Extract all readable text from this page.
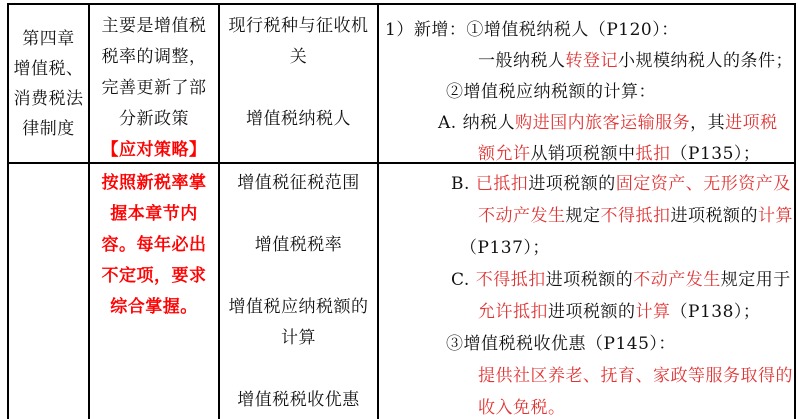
第四章
增值税、
消费税法
律制度
主要是增值税
税率的调整，
完善更新了部
分新政策
【应对策略】
现行税种与征收机
关
增值税纳税人
1）新增：①增值税纳税人（P120）：
一般纳税人转登记小规模纳税人的条件；
②增值税应纳税额的计算：
A. 纳税人购进国内旅客运输服务，其进项税
额允许从销项税额中抵扣（P135）；
按照新税率掌
握本章节内
容。每年必出
不定项，要求
综合掌握。
增值税征税范围
增值税税率
增值税应纳税额的
计算
增值税税收优惠
B. 已抵扣进项税额的固定资产、无形资产及
不动产发生规定不得抵扣进项税额的计算
（P137）；
C. 不得抵扣进项税额的不动产发生规定用于
允许抵扣进项税额的计算（P138）；
③增值税税收优惠（P145）：
提供社区养老、抚育、家政等服务取得的
收入免税。
